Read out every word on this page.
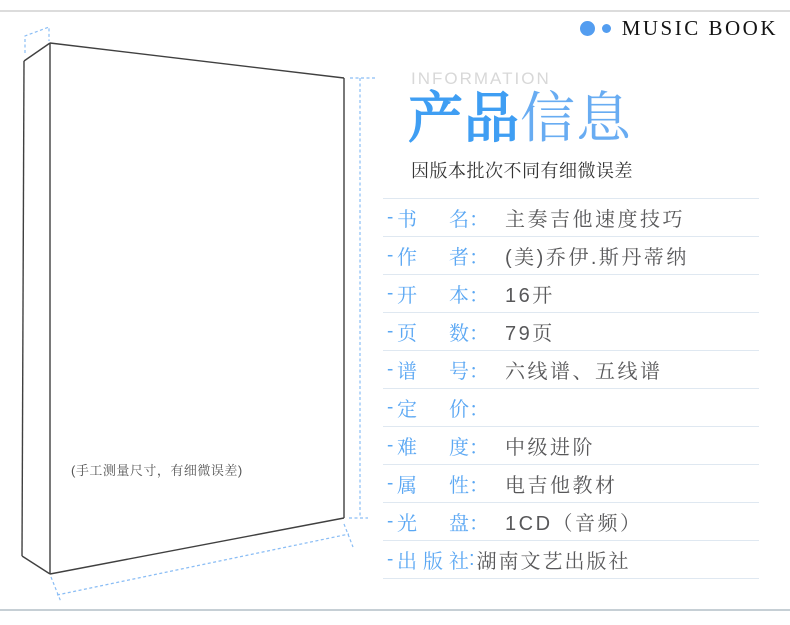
(手工测量尺寸，有细微误差)
MUSIC BOOK
INFORMATION
产品信息
因版本批次不同有细微误差
- 书名 ： 主奏吉他速度技巧
- 作者 ： (美)乔伊.斯丹蒂纳
- 开本 ： 16开
- 页数 ： 79页
- 谱号 ： 六线谱、五线谱
- 定价 ：
- 难度 ： 中级进阶
- 属性 ： 电吉他教材
- 光盘 ： 1CD（音频）
- 出版社 : 湖南文艺出版社
